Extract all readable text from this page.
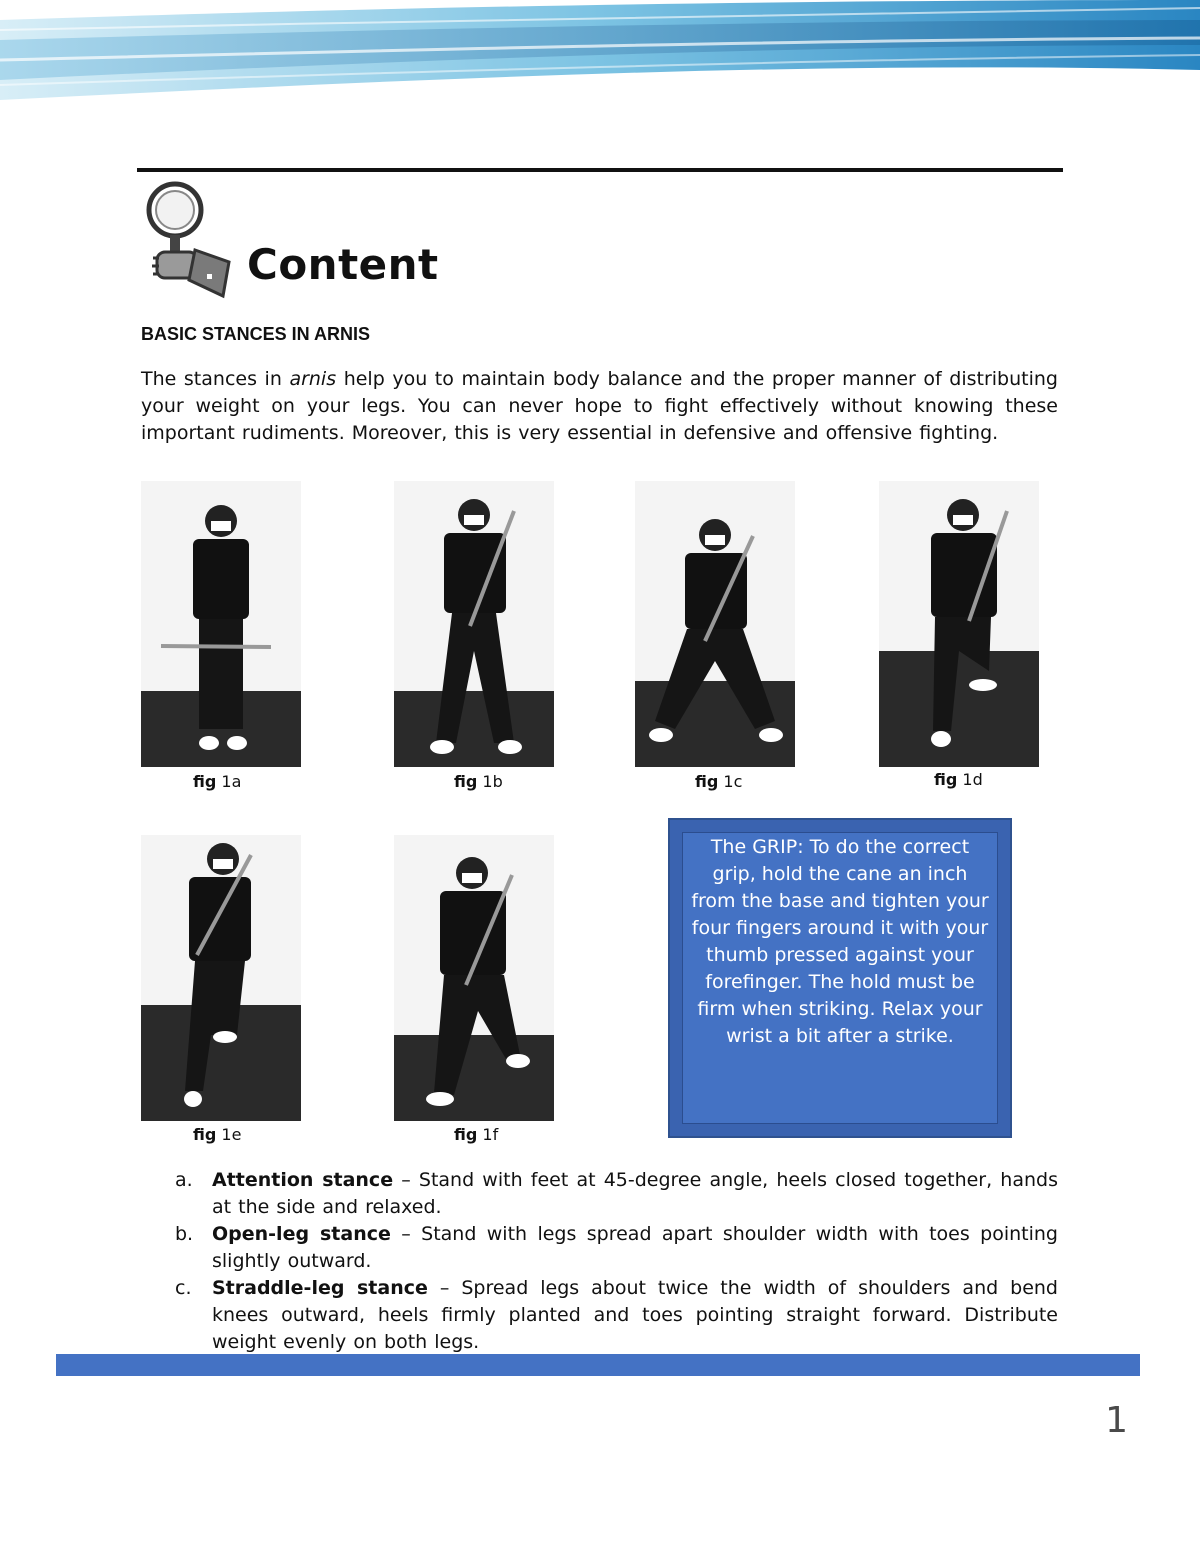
Content
BASIC STANCES IN ARNIS

The stances in arnis help you to maintain body balance and the proper manner of distributing your weight on your legs. You can never hope to fight effectively without knowing these important rudiments. Moreover, this is very essential in defensive and offensive fighting.

fig 1a	fig 1b	fig 1c	fig 1d
fig 1e	fig 1f

The GRIP: To do the correct grip, hold the cane an inch from the base and tighten your four fingers around it with your thumb pressed against your forefinger. The hold must be firm when striking. Relax your wrist a bit after a strike.

a. Attention stance – Stand with feet at 45-degree angle, heels closed together, hands at the side and relaxed.
b. Open-leg stance – Stand with legs spread apart shoulder width with toes pointing slightly outward.
c. Straddle-leg stance – Spread legs about twice the width of shoulders and bend knees outward, heels firmly planted and toes pointing straight forward. Distribute weight evenly on both legs.
1
